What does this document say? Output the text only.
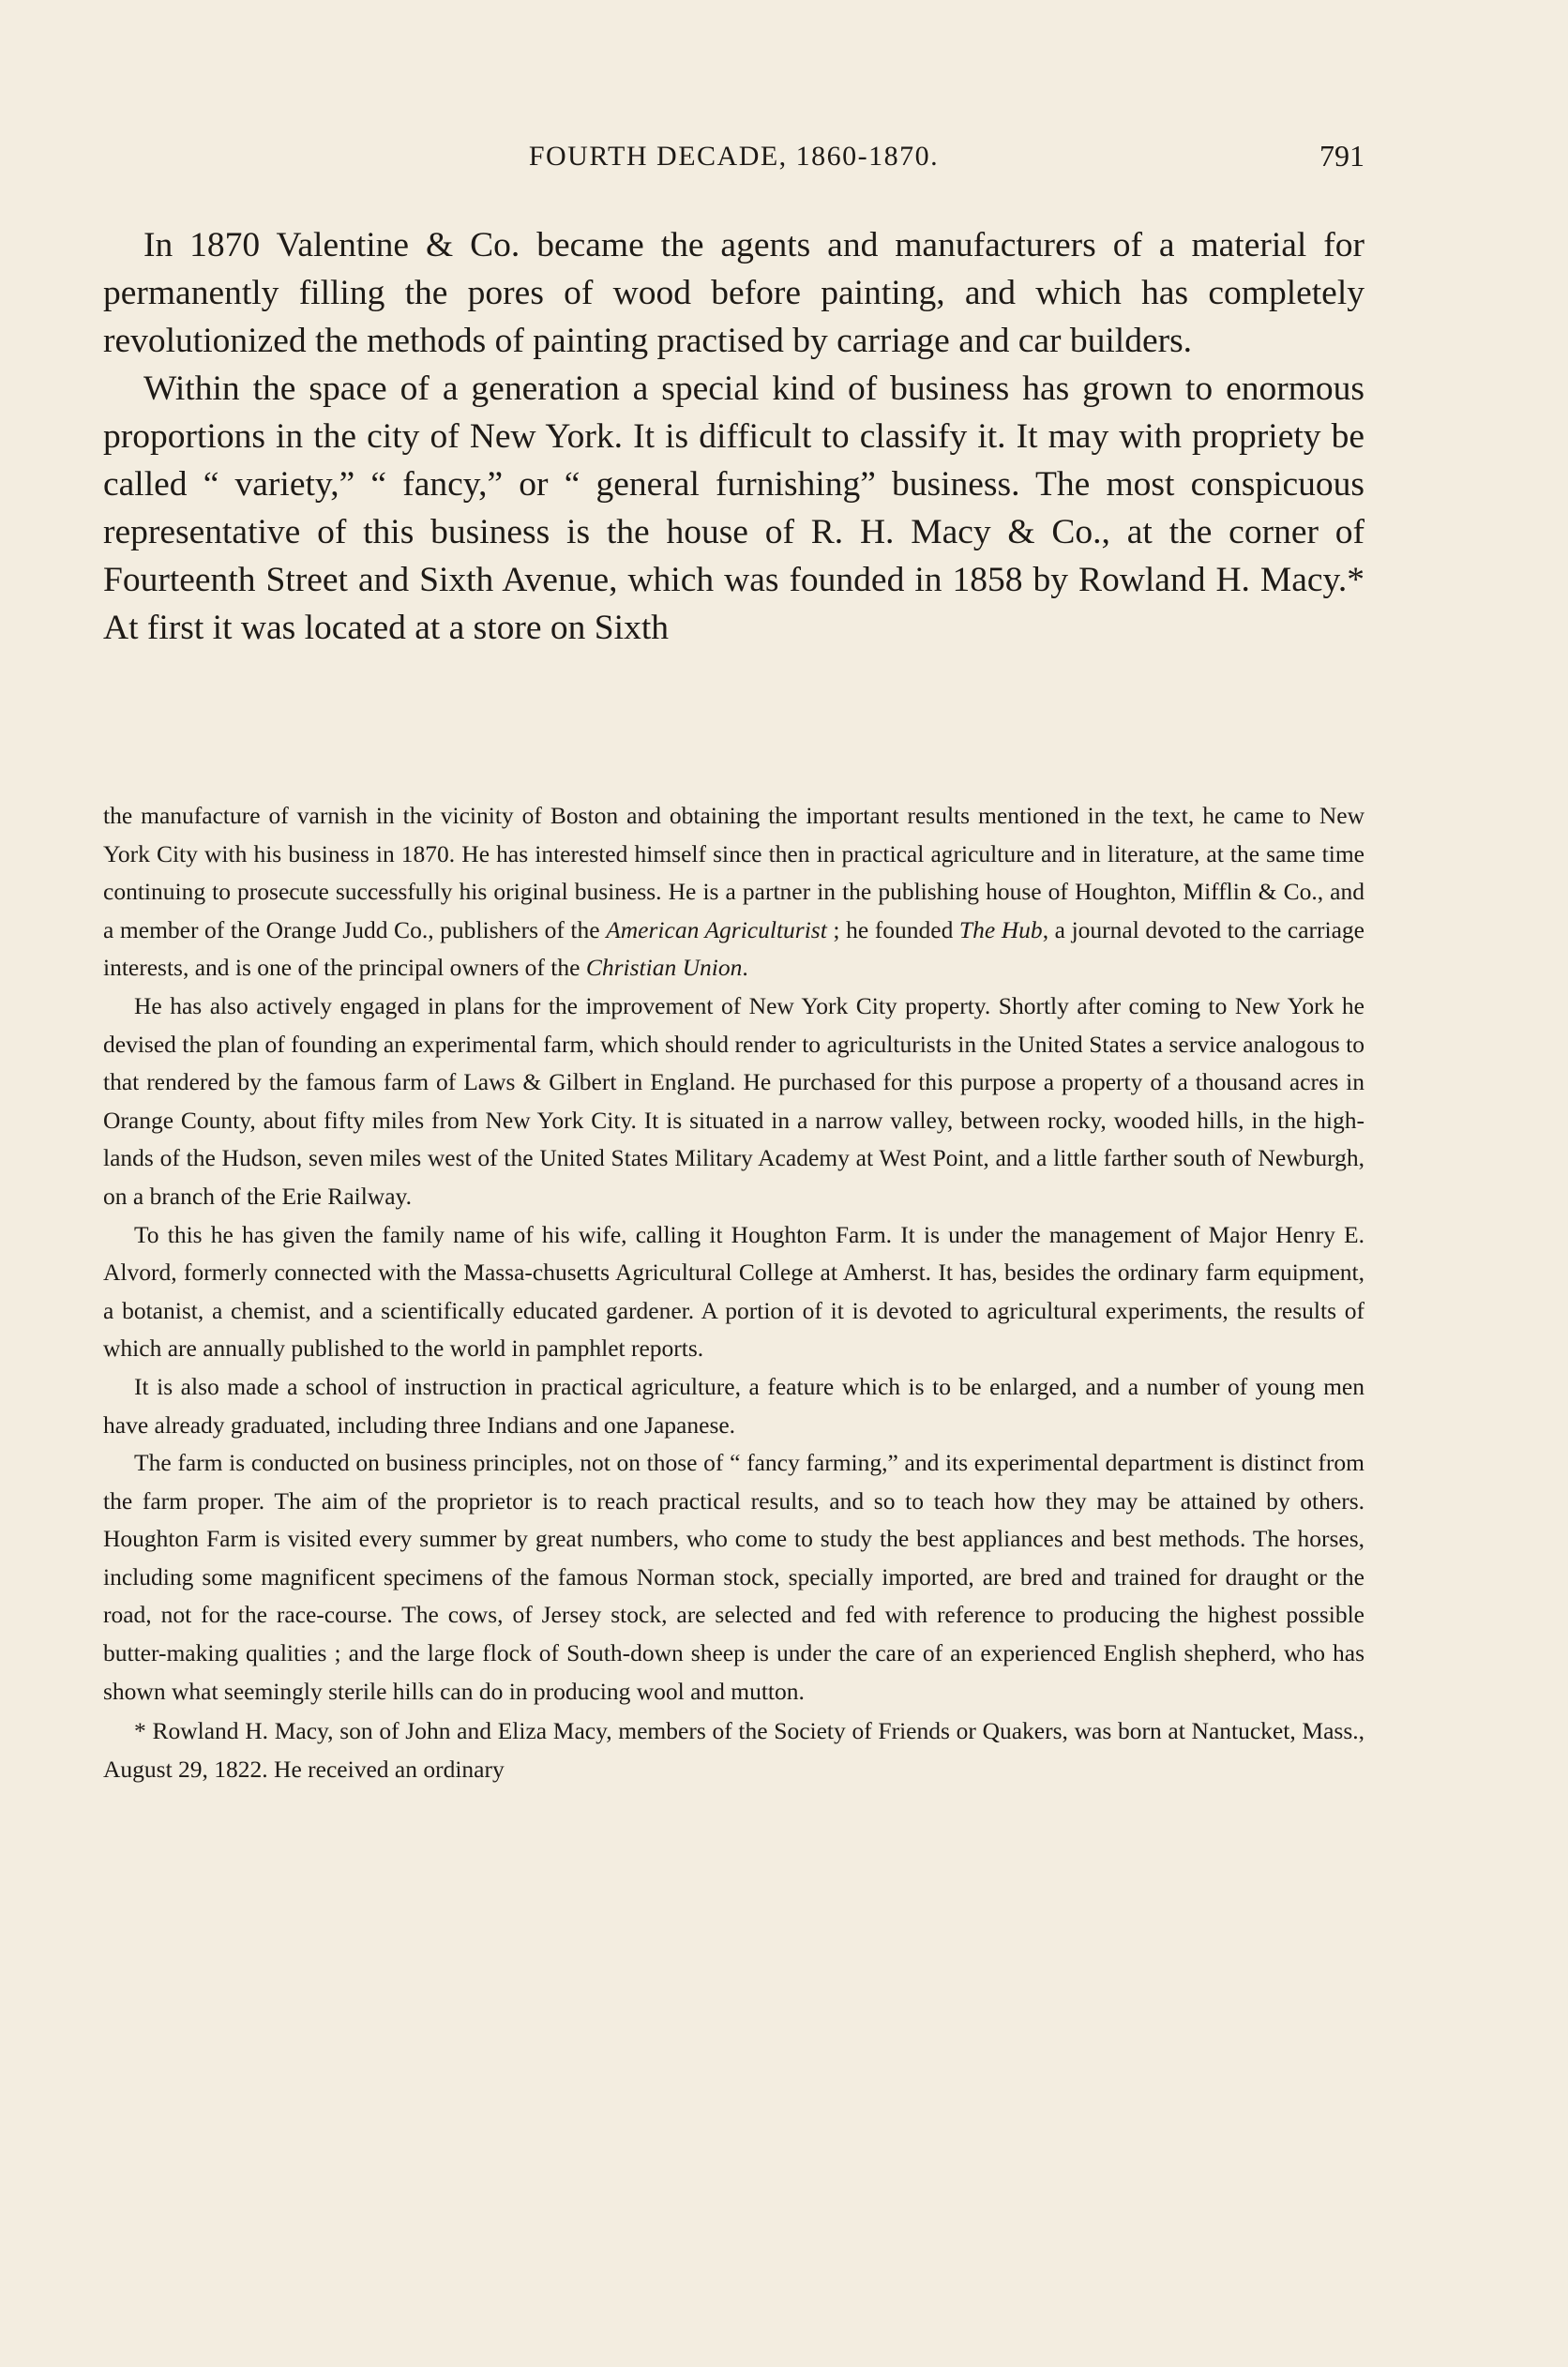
FOURTH DECADE, 1860-1870.	791

In 1870 Valentine & Co. became the agents and manufacturers of a material for permanently filling the pores of wood before painting, and which has completely revolutionized the methods of painting practised by carriage and car builders.

Within the space of a generation a special kind of business has grown to enormous proportions in the city of New York. It is difficult to classify it. It may with propriety be called “ variety,” “ fancy,” or “ general furnishing” business. The most conspicuous representative of this business is the house of R. H. Macy & Co., at the corner of Fourteenth Street and Sixth Avenue, which was founded in 1858 by Rowland H. Macy.* At first it was located at a store on Sixth

the manufacture of varnish in the vicinity of Boston and obtaining the important results mentioned in the text, he came to New York City with his business in 1870. He has interested himself since then in practical agriculture and in literature, at the same time continuing to prosecute successfully his original business. He is a partner in the publishing house of Houghton, Mifflin & Co., and a member of the Orange Judd Co., publishers of the American Agriculturist ; he founded The Hub, a journal devoted to the carriage interests, and is one of the principal owners of the Christian Union.

He has also actively engaged in plans for the improvement of New York City property. Shortly after coming to New York he devised the plan of founding an experimental farm, which should render to agriculturists in the United States a service analogous to that rendered by the famous farm of Laws & Gilbert in England. He purchased for this purpose a property of a thousand acres in Orange County, about fifty miles from New York City. It is situated in a narrow valley, between rocky, wooded hills, in the high-lands of the Hudson, seven miles west of the United States Military Academy at West Point, and a little farther south of Newburgh, on a branch of the Erie Railway.

To this he has given the family name of his wife, calling it Houghton Farm. It is under the management of Major Henry E. Alvord, formerly connected with the Massa-chusetts Agricultural College at Amherst. It has, besides the ordinary farm equipment, a botanist, a chemist, and a scientifically educated gardener. A portion of it is devoted to agricultural experiments, the results of which are annually published to the world in pamphlet reports.

It is also made a school of instruction in practical agriculture, a feature which is to be enlarged, and a number of young men have already graduated, including three Indians and one Japanese.

The farm is conducted on business principles, not on those of “ fancy farming,” and its experimental department is distinct from the farm proper. The aim of the proprietor is to reach practical results, and so to teach how they may be attained by others. Houghton Farm is visited every summer by great numbers, who come to study the best appliances and best methods. The horses, including some magnificent specimens of the famous Norman stock, specially imported, are bred and trained for draught or the road, not for the race-course. The cows, of Jersey stock, are selected and fed with reference to producing the highest possible butter-making qualities ; and the large flock of South-down sheep is under the care of an experienced English shepherd, who has shown what seemingly sterile hills can do in producing wool and mutton.

* Rowland H. Macy, son of John and Eliza Macy, members of the Society of Friends or Quakers, was born at Nantucket, Mass., August 29, 1822. He received an ordinary
